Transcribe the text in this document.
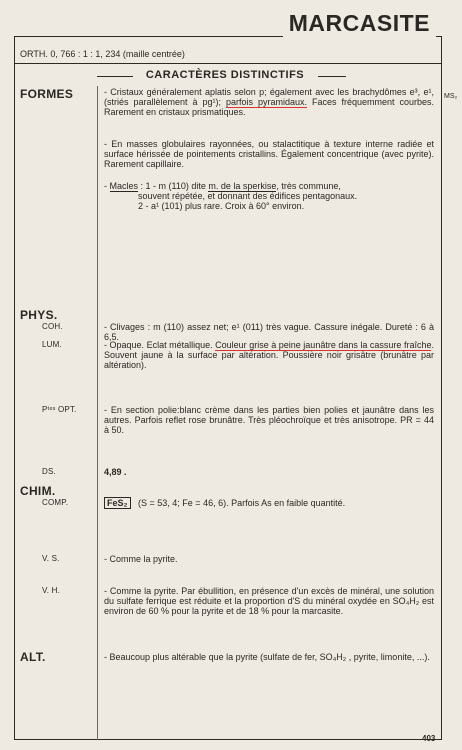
MARCASITE
MS₂
ORTH. 0, 766 : 1 : 1, 234 (maille centrée)
CARACTÈRES DISTINCTIFS
FORMES	- Cristaux généralement aplatis selon p; également avec les brachydômes e³, e¹, (striés parallèlement à pg¹); parfois pyramidaux. Faces fréquemment courbes. Rarement en cristaux prismatiques.
- En masses globulaires rayonnées, ou stalactitique à texture interne radiée et surface hérissée de pointements cristallins. Également concentrique (avec pyrite). Rarement capillaire.
- Macles : 1 - m (110) dite m. de la sperkise, très commune,
souvent répétée, et donnant des édifices pentagonaux.
2 - a¹ (101) plus rare. Croix à 60° environ.
PHYS.
COH.	- Clivages : m (110) assez net; e¹ (011) très vague. Cassure inégale. Dureté : 6 à 6,5.
LUM.	- Opaque. Eclat métallique. Couleur grise à peine jaunâtre dans la cassure fraîche. Souvent jaune à la surface par altération. Poussière noir grisâtre (brunâtre par altération).
Pᵗᵉˢ OPT.	- En section polie:blanc crème dans les parties bien polies et jaunâtre dans les autres. Parfois reflet rose brunâtre. Très pléochroïque et très anisotrope. PR = 44 à 50.
DS.	4,89 .
CHIM.
COMP.	FeS₂ (S = 53, 4; Fe = 46, 6). Parfois As en faible quantité.
V. S.	- Comme la pyrite.
V. H.	- Comme la pyrite. Par ébullition, en présence d'un excès de minéral, une solution du sulfate ferrique est réduite et la proportion d'S du minéral oxydée en SO₄H₂ est environ de 60 % pour la pyrite et de 18 % pour la marcasite.
ALT.	- Beaucoup plus altérable que la pyrite (sulfate de fer, SO₄H₂ , pyrite, limonite, ...).
403
